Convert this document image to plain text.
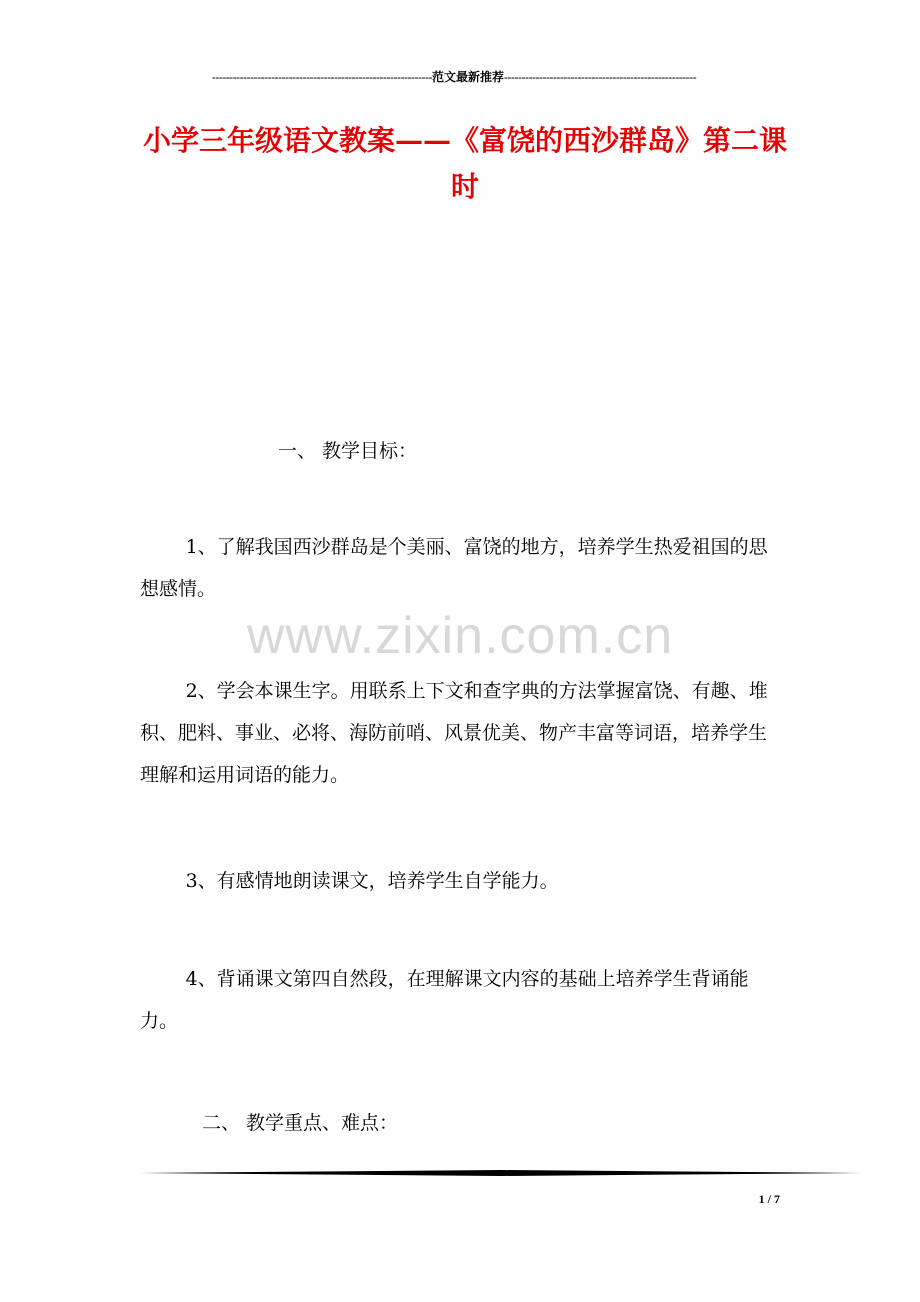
---------------------------------------------------------------范文最新推荐-------------------------------------------------------
小学三年级语文教案——《富饶的西沙群岛》第二课时
一、 教学目标：
1、了解我国西沙群岛是个美丽、富饶的地方，培养学生热爱祖国的思想感情。
www.zixin.com.cn
2、学会本课生字。用联系上下文和查字典的方法掌握富饶、有趣、堆积、肥料、事业、必将、海防前哨、风景优美、物产丰富等词语，培养学生理解和运用词语的能力。
3、有感情地朗读课文，培养学生自学能力。
4、背诵课文第四自然段，在理解课文内容的基础上培养学生背诵能力。
二、 教学重点、难点：
1 / 7
